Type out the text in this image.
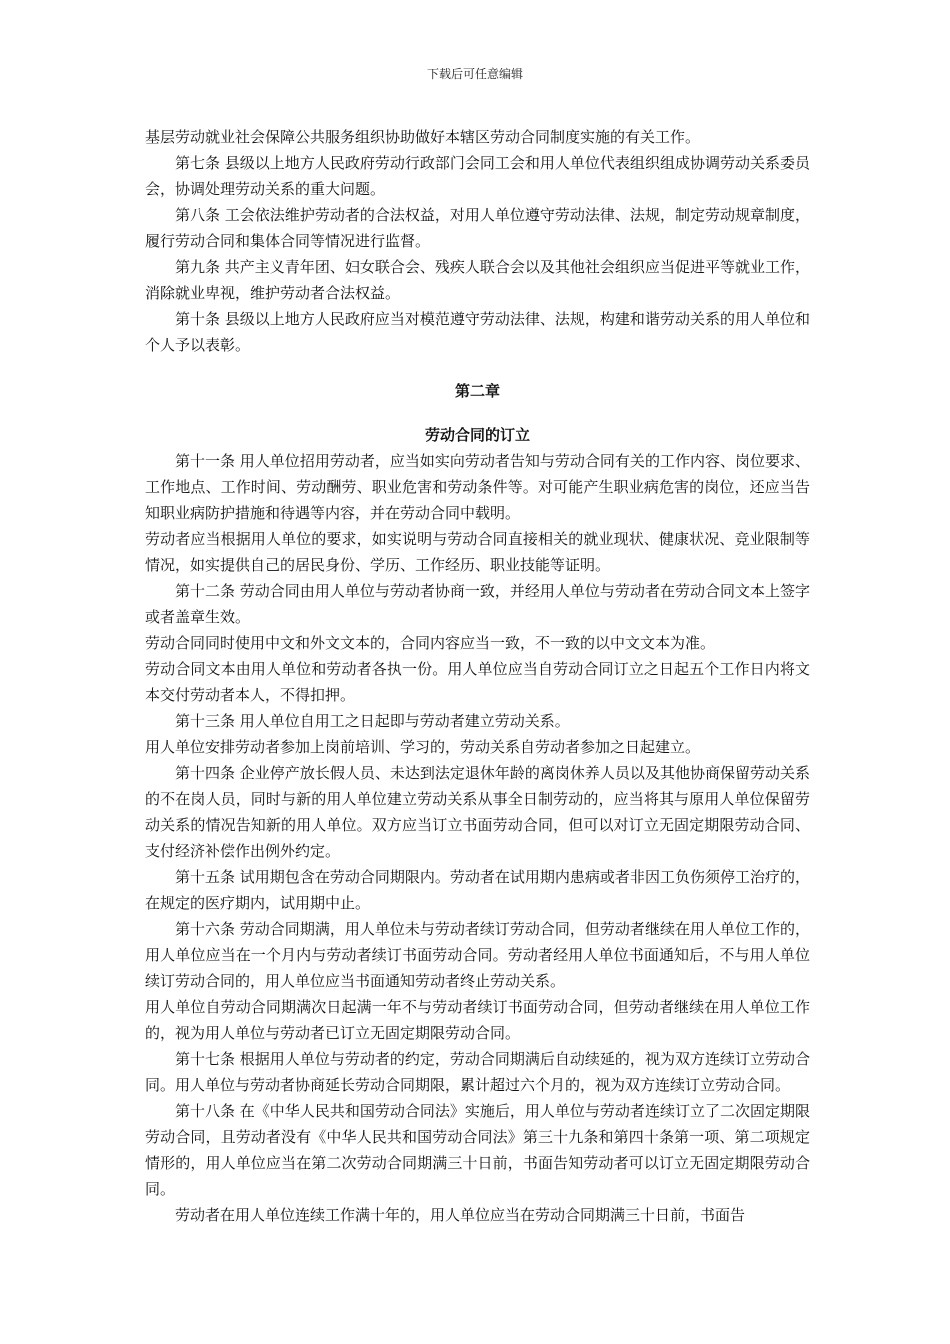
下载后可任意编辑

基层劳动就业社会保障公共服务组织协助做好本辖区劳动合同制度实施的有关工作。

第七条 县级以上地方人民政府劳动行政部门会同工会和用人单位代表组织组成协调劳动关系委员会，协调处理劳动关系的重大问题。

第八条 工会依法维护劳动者的合法权益，对用人单位遵守劳动法律、法规，制定劳动规章制度，履行劳动合同和集体合同等情况进行监督。

第九条 共产主义青年团、妇女联合会、残疾人联合会以及其他社会组织应当促进平等就业工作，消除就业卑视，维护劳动者合法权益。

第十条 县级以上地方人民政府应当对模范遵守劳动法律、法规，构建和谐劳动关系的用人单位和个人予以表彰。

第二章

劳动合同的订立

第十一条 用人单位招用劳动者，应当如实向劳动者告知与劳动合同有关的工作内容、岗位要求、工作地点、工作时间、劳动酬劳、职业危害和劳动条件等。对可能产生职业病危害的岗位，还应当告知职业病防护措施和待遇等内容，并在劳动合同中载明。

劳动者应当根据用人单位的要求，如实说明与劳动合同直接相关的就业现状、健康状况、竞业限制等情况，如实提供自己的居民身份、学历、工作经历、职业技能等证明。

第十二条 劳动合同由用人单位与劳动者协商一致，并经用人单位与劳动者在劳动合同文本上签字或者盖章生效。

劳动合同同时使用中文和外文文本的，合同内容应当一致，不一致的以中文文本为准。

劳动合同文本由用人单位和劳动者各执一份。用人单位应当自劳动合同订立之日起五个工作日内将文本交付劳动者本人，不得扣押。

第十三条 用人单位自用工之日起即与劳动者建立劳动关系。

用人单位安排劳动者参加上岗前培训、学习的，劳动关系自劳动者参加之日起建立。

第十四条 企业停产放长假人员、未达到法定退休年龄的离岗休养人员以及其他协商保留劳动关系的不在岗人员，同时与新的用人单位建立劳动关系从事全日制劳动的，应当将其与原用人单位保留劳动关系的情况告知新的用人单位。双方应当订立书面劳动合同，但可以对订立无固定期限劳动合同、支付经济补偿作出例外约定。

第十五条 试用期包含在劳动合同期限内。劳动者在试用期内患病或者非因工负伤须停工治疗的，在规定的医疗期内，试用期中止。

第十六条 劳动合同期满，用人单位未与劳动者续订劳动合同，但劳动者继续在用人单位工作的，用人单位应当在一个月内与劳动者续订书面劳动合同。劳动者经用人单位书面通知后，不与用人单位续订劳动合同的，用人单位应当书面通知劳动者终止劳动关系。

用人单位自劳动合同期满次日起满一年不与劳动者续订书面劳动合同，但劳动者继续在用人单位工作的，视为用人单位与劳动者已订立无固定期限劳动合同。

第十七条 根据用人单位与劳动者的约定，劳动合同期满后自动续延的，视为双方连续订立劳动合同。用人单位与劳动者协商延长劳动合同期限，累计超过六个月的，视为双方连续订立劳动合同。

第十八条 在《中华人民共和国劳动合同法》实施后，用人单位与劳动者连续订立了二次固定期限劳动合同，且劳动者没有《中华人民共和国劳动合同法》第三十九条和第四十条第一项、第二项规定情形的，用人单位应当在第二次劳动合同期满三十日前，书面告知劳动者可以订立无固定期限劳动合同。

劳动者在用人单位连续工作满十年的，用人单位应当在劳动合同期满三十日前，书面告
